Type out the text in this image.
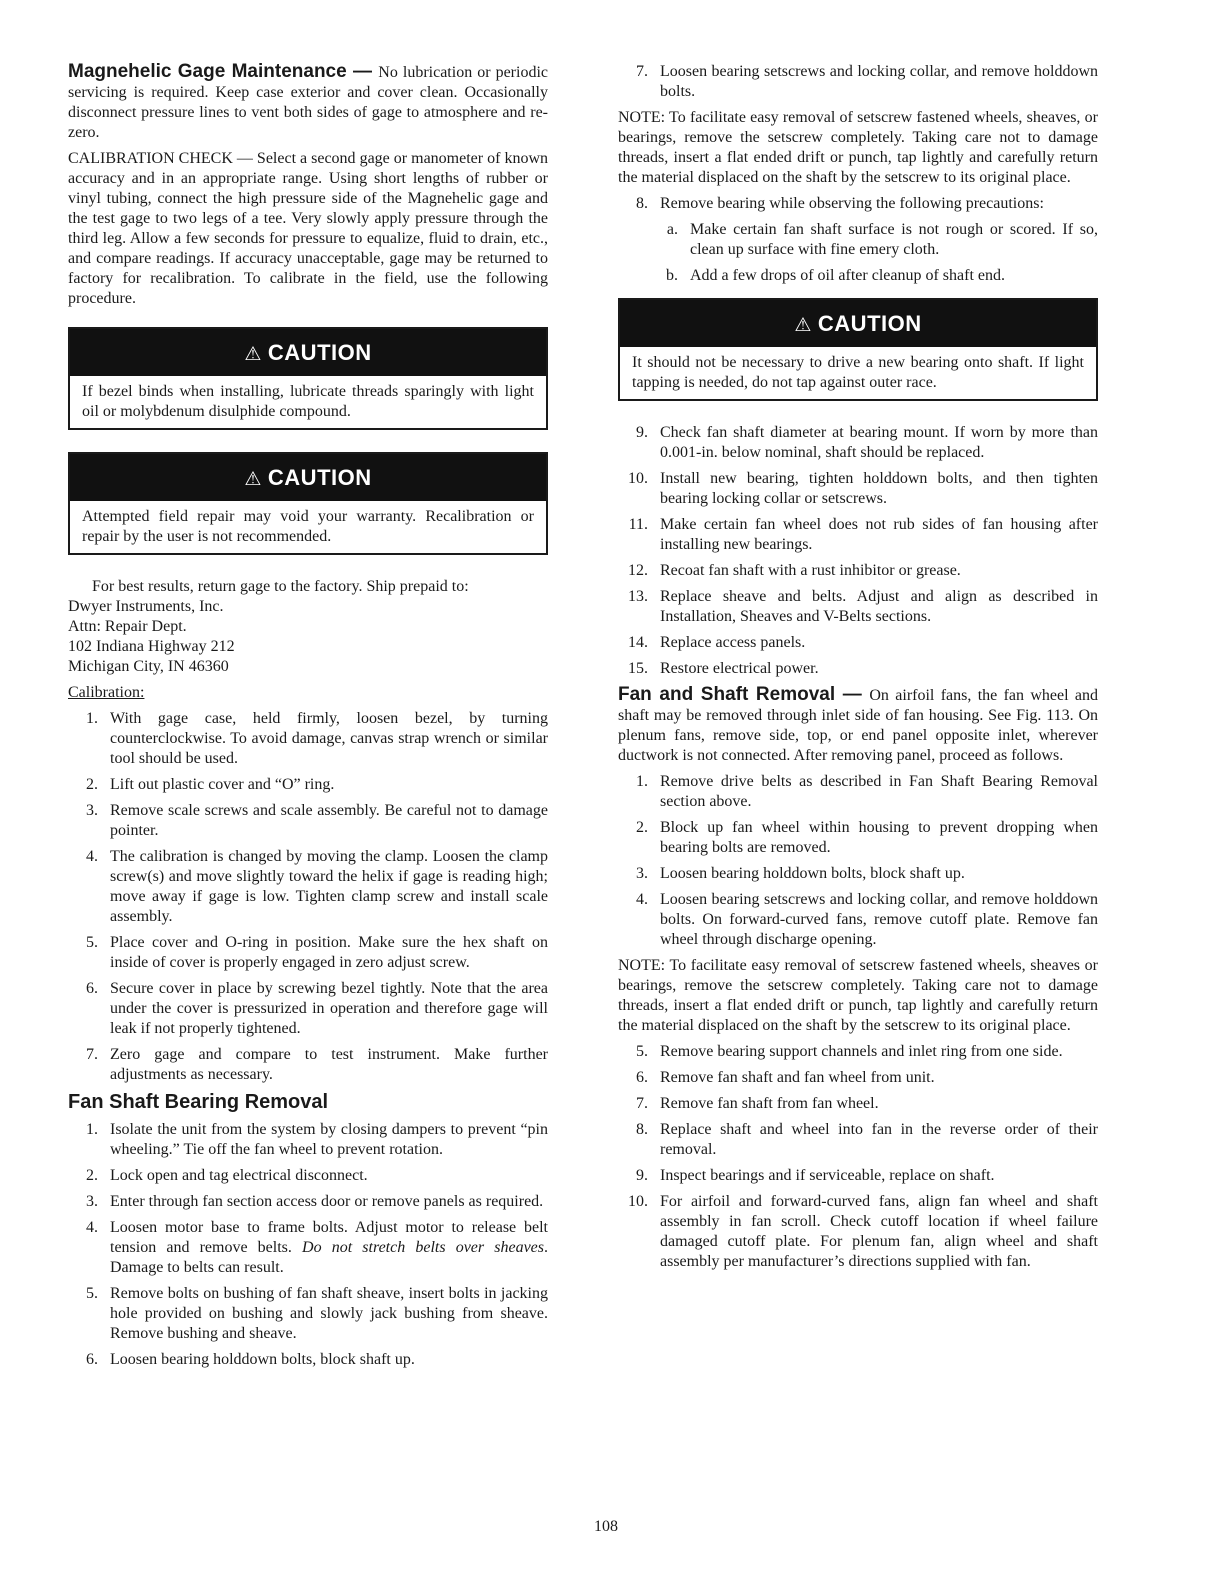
Magnehelic Gage Maintenance — No lubrication or periodic servicing is required. Keep case exterior and cover clean. Occasionally disconnect pressure lines to vent both sides of gage to atmosphere and re-zero.

CALIBRATION CHECK — Select a second gage or manometer of known accuracy and in an appropriate range. Using short lengths of rubber or vinyl tubing, connect the high pressure side of the Magnehelic gage and the test gage to two legs of a tee. Very slowly apply pressure through the third leg. Allow a few seconds for pressure to equalize, fluid to drain, etc., and compare readings. If accuracy unacceptable, gage may be returned to factory for recalibration. To calibrate in the field, use the following procedure.

⚠ CAUTION
If bezel binds when installing, lubricate threads sparingly with light oil or molybdenum disulphide compound.
⚠ CAUTION
Attempted field repair may void your warranty. Recalibration or repair by the user is not recommended.

For best results, return gage to the factory. Ship prepaid to:

Dwyer Instruments, Inc.

Attn: Repair Dept.

102 Indiana Highway 212

Michigan City, IN 46360

Calibration:

1. With gage case, held firmly, loosen bezel, by turning counterclockwise. To avoid damage, canvas strap wrench or similar tool should be used.
2. Lift out plastic cover and “O” ring.
3. Remove scale screws and scale assembly. Be careful not to damage pointer.
4. The calibration is changed by moving the clamp. Loosen the clamp screw(s) and move slightly toward the helix if gage is reading high; move away if gage is low. Tighten clamp screw and install scale assembly.
5. Place cover and O-ring in position. Make sure the hex shaft on inside of cover is properly engaged in zero adjust screw.
6. Secure cover in place by screwing bezel tightly. Note that the area under the cover is pressurized in operation and therefore gage will leak if not properly tightened.
7. Zero gage and compare to test instrument. Make further adjustments as necessary.
Fan Shaft Bearing Removal
1. Isolate the unit from the system by closing dampers to prevent “pin wheeling.” Tie off the fan wheel to prevent rotation.
2. Lock open and tag electrical disconnect.
3. Enter through fan section access door or remove panels as required.
4. Loosen motor base to frame bolts. Adjust motor to release belt tension and remove belts. Do not stretch belts over sheaves. Damage to belts can result.
5. Remove bolts on bushing of fan shaft sheave, insert bolts in jacking hole provided on bushing and slowly jack bushing from sheave. Remove bushing and sheave.
6. Loosen bearing holddown bolts, block shaft up.
7. Loosen bearing setscrews and locking collar, and remove holddown bolts.

NOTE: To facilitate easy removal of setscrew fastened wheels, sheaves, or bearings, remove the setscrew completely. Taking care not to damage threads, insert a flat ended drift or punch, tap lightly and carefully return the material displaced on the shaft by the setscrew to its original place.

8. Remove bearing while observing the following precautions:
a. Make certain fan shaft surface is not rough or scored. If so, clean up surface with fine emery cloth.
b. Add a few drops of oil after cleanup of shaft end.
⚠ CAUTION
It should not be necessary to drive a new bearing onto shaft. If light tapping is needed, do not tap against outer race.
9. Check fan shaft diameter at bearing mount. If worn by more than 0.001-in. below nominal, shaft should be replaced.
10. Install new bearing, tighten holddown bolts, and then tighten bearing locking collar or setscrews.
11. Make certain fan wheel does not rub sides of fan housing after installing new bearings.
12. Recoat fan shaft with a rust inhibitor or grease.
13. Replace sheave and belts. Adjust and align as described in Installation, Sheaves and V-Belts sections.
14. Replace access panels.
15. Restore electrical power.

Fan and Shaft Removal — On airfoil fans, the fan wheel and shaft may be removed through inlet side of fan housing. See Fig. 113. On plenum fans, remove side, top, or end panel opposite inlet, wherever ductwork is not connected. After removing panel, proceed as follows.

1. Remove drive belts as described in Fan Shaft Bearing Removal section above.
2. Block up fan wheel within housing to prevent dropping when bearing bolts are removed.
3. Loosen bearing holddown bolts, block shaft up.
4. Loosen bearing setscrews and locking collar, and remove holddown bolts. On forward-curved fans, remove cutoff plate. Remove fan wheel through discharge opening.

NOTE: To facilitate easy removal of setscrew fastened wheels, sheaves or bearings, remove the setscrew completely. Taking care not to damage threads, insert a flat ended drift or punch, tap lightly and carefully return the material displaced on the shaft by the setscrew to its original place.

5. Remove bearing support channels and inlet ring from one side.
6. Remove fan shaft and fan wheel from unit.
7. Remove fan shaft from fan wheel.
8. Replace shaft and wheel into fan in the reverse order of their removal.
9. Inspect bearings and if serviceable, replace on shaft.
10. For airfoil and forward-curved fans, align fan wheel and shaft assembly in fan scroll. Check cutoff location if wheel failure damaged cutoff plate. For plenum fan, align wheel and shaft assembly per manufacturer’s directions supplied with fan.
108
